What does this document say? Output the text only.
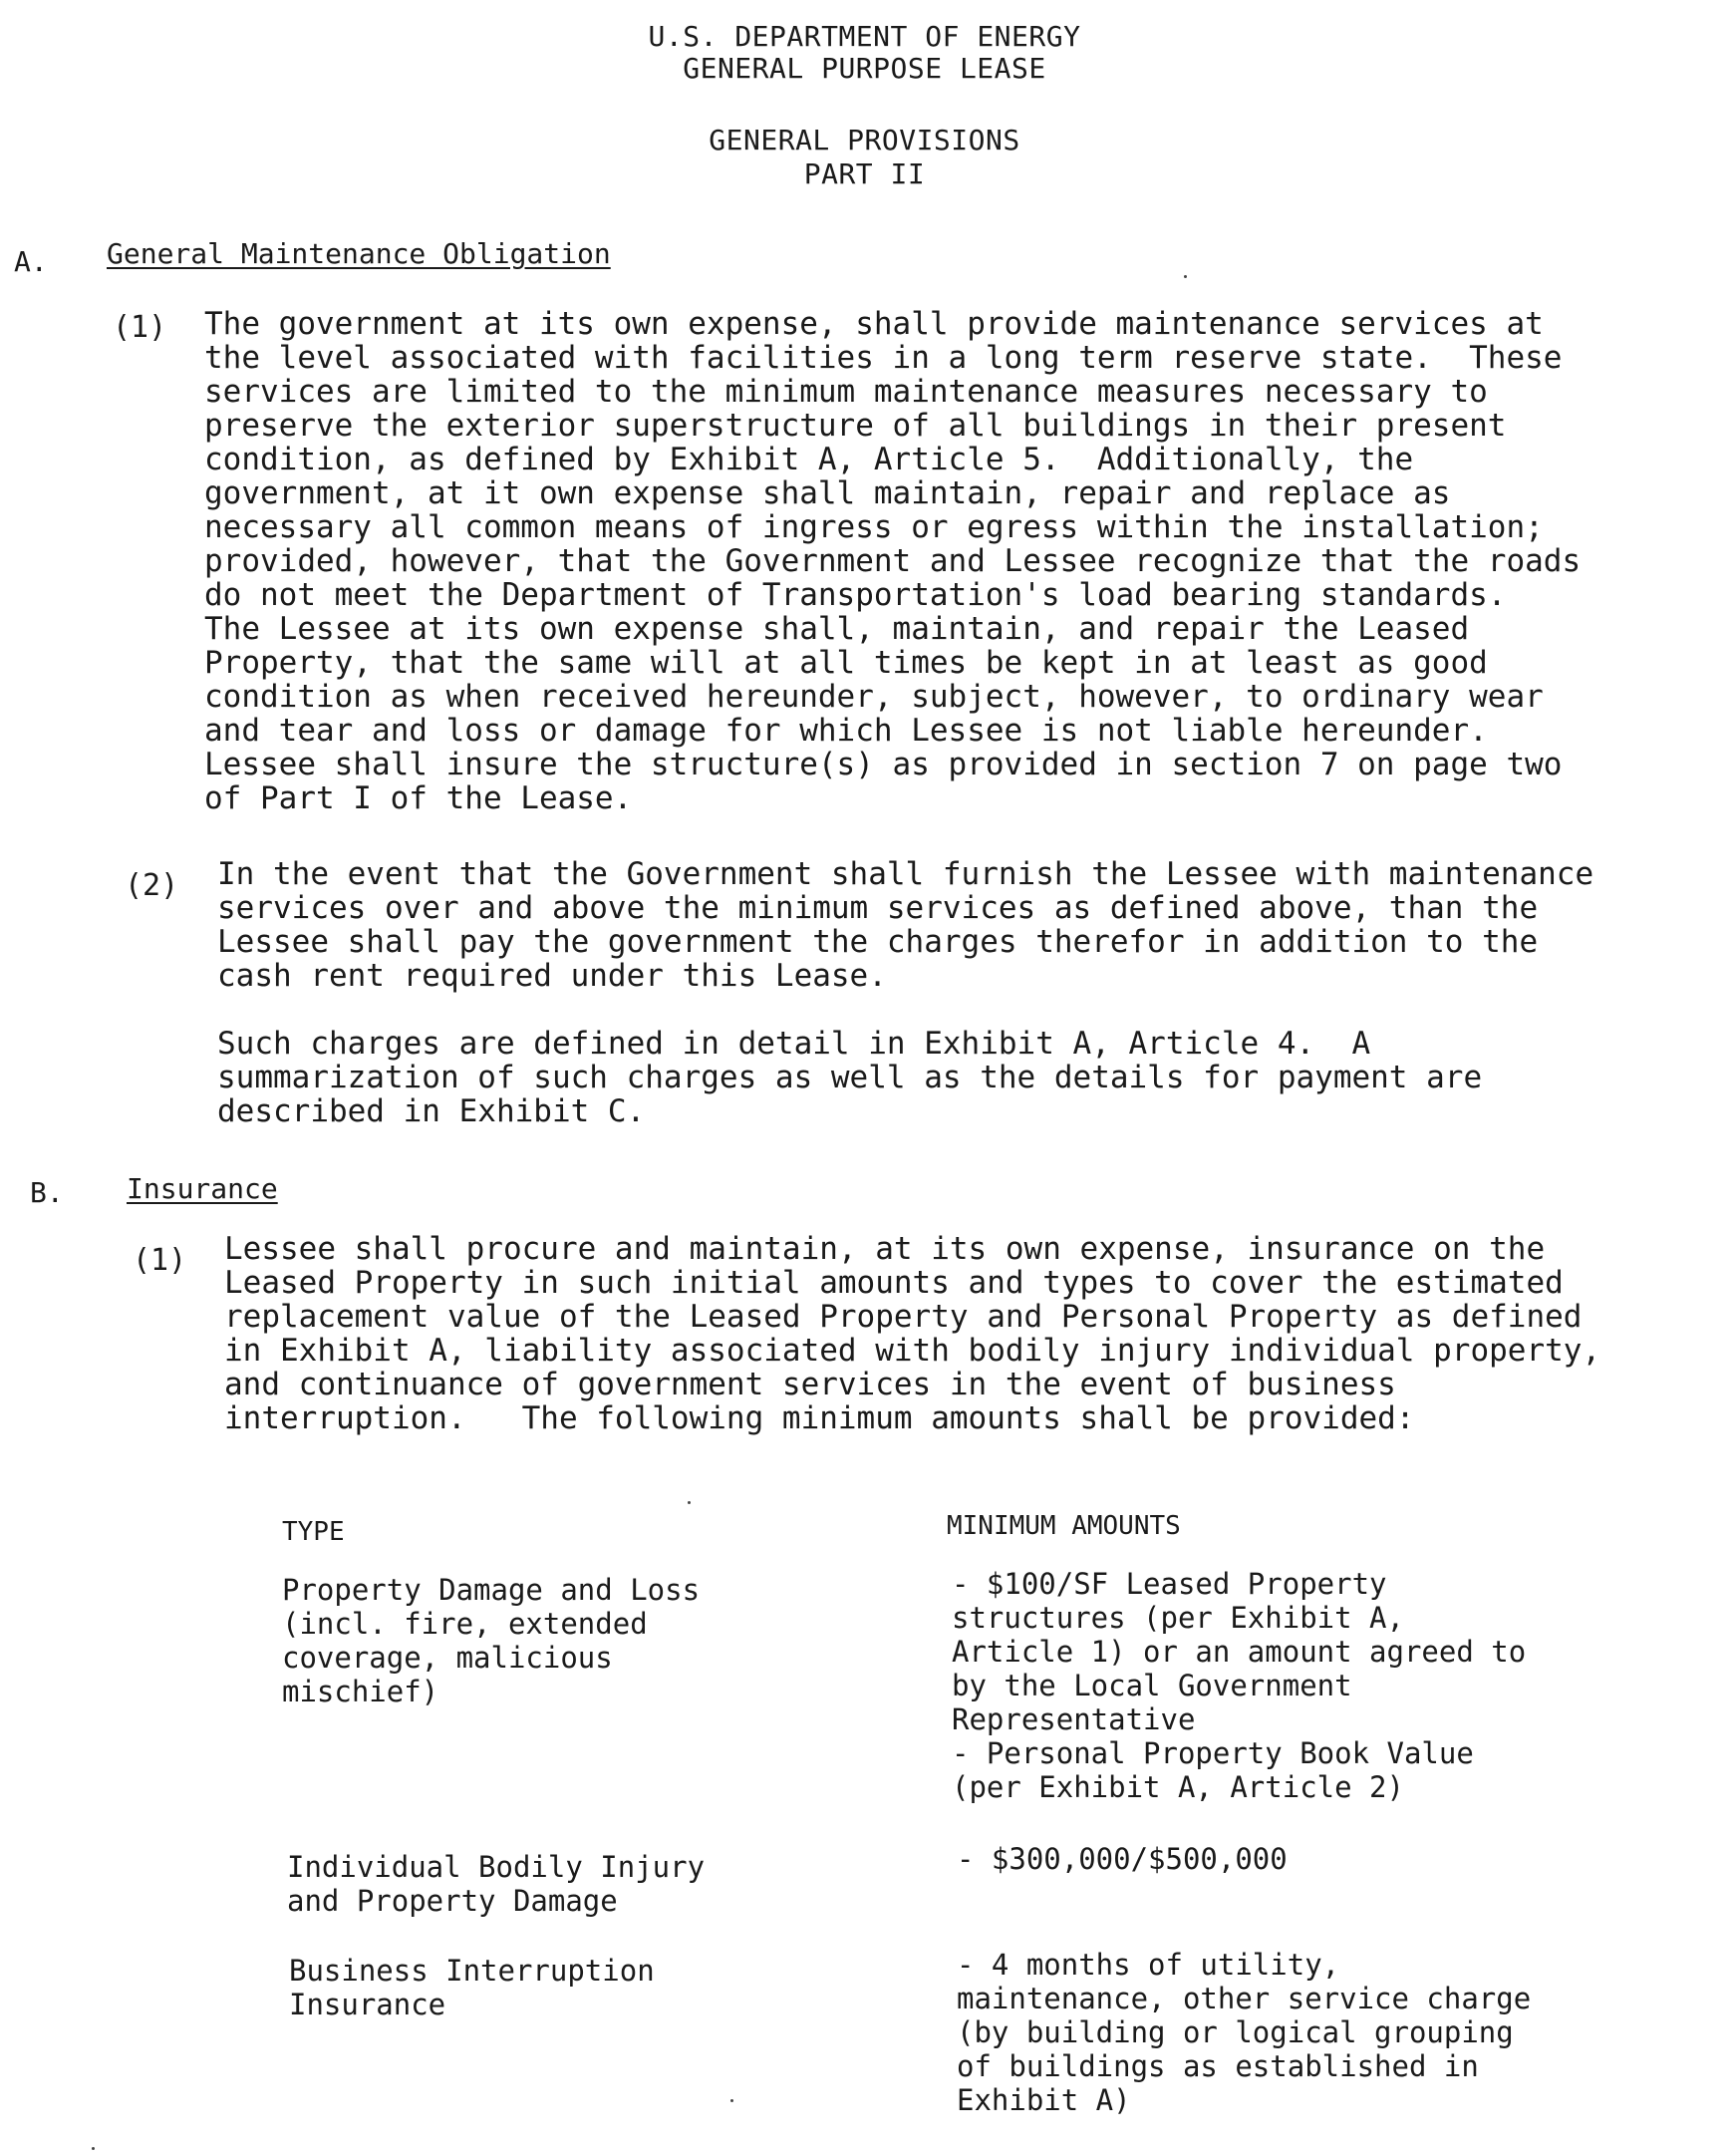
U.S. DEPARTMENT OF ENERGY
GENERAL PURPOSE LEASE
GENERAL PROVISIONS
PART II
A. General Maintenance Obligation
(1) The government at its own expense, shall provide maintenance services at
the level associated with facilities in a long term reserve state.  These
services are limited to the minimum maintenance measures necessary to
preserve the exterior superstructure of all buildings in their present
condition, as defined by Exhibit A, Article 5.  Additionally, the
government, at it own expense shall maintain, repair and replace as
necessary all common means of ingress or egress within the installation;
provided, however, that the Government and Lessee recognize that the roads
do not meet the Department of Transportation's load bearing standards.
The Lessee at its own expense shall, maintain, and repair the Leased
Property, that the same will at all times be kept in at least as good
condition as when received hereunder, subject, however, to ordinary wear
and tear and loss or damage for which Lessee is not liable hereunder.
Lessee shall insure the structure(s) as provided in section 7 on page two
of Part I of the Lease.
(2) In the event that the Government shall furnish the Lessee with maintenance
services over and above the minimum services as defined above, than the
Lessee shall pay the government the charges therefor in addition to the
cash rent required under this Lease.
Such charges are defined in detail in Exhibit A, Article 4.  A
summarization of such charges as well as the details for payment are
described in Exhibit C.
B. Insurance
(1) Lessee shall procure and maintain, at its own expense, insurance on the
Leased Property in such initial amounts and types to cover the estimated
replacement value of the Leased Property and Personal Property as defined
in Exhibit A, liability associated with bodily injury individual property,
and continuance of government services in the event of business
interruption.   The following minimum amounts shall be provided:
TYPE	MINIMUM AMOUNTS
Property Damage and Loss
(incl. fire, extended
coverage, malicious
mischief)
- $100/SF Leased Property
structures (per Exhibit A,
Article 1) or an amount agreed to
by the Local Government
Representative
- Personal Property Book Value
(per Exhibit A, Article 2)
Individual Bodily Injury
and Property Damage
- $300,000/$500,000
Business Interruption
Insurance
- 4 months of utility,
maintenance, other service charge
(by building or logical grouping
of buildings as established in
Exhibit A)
